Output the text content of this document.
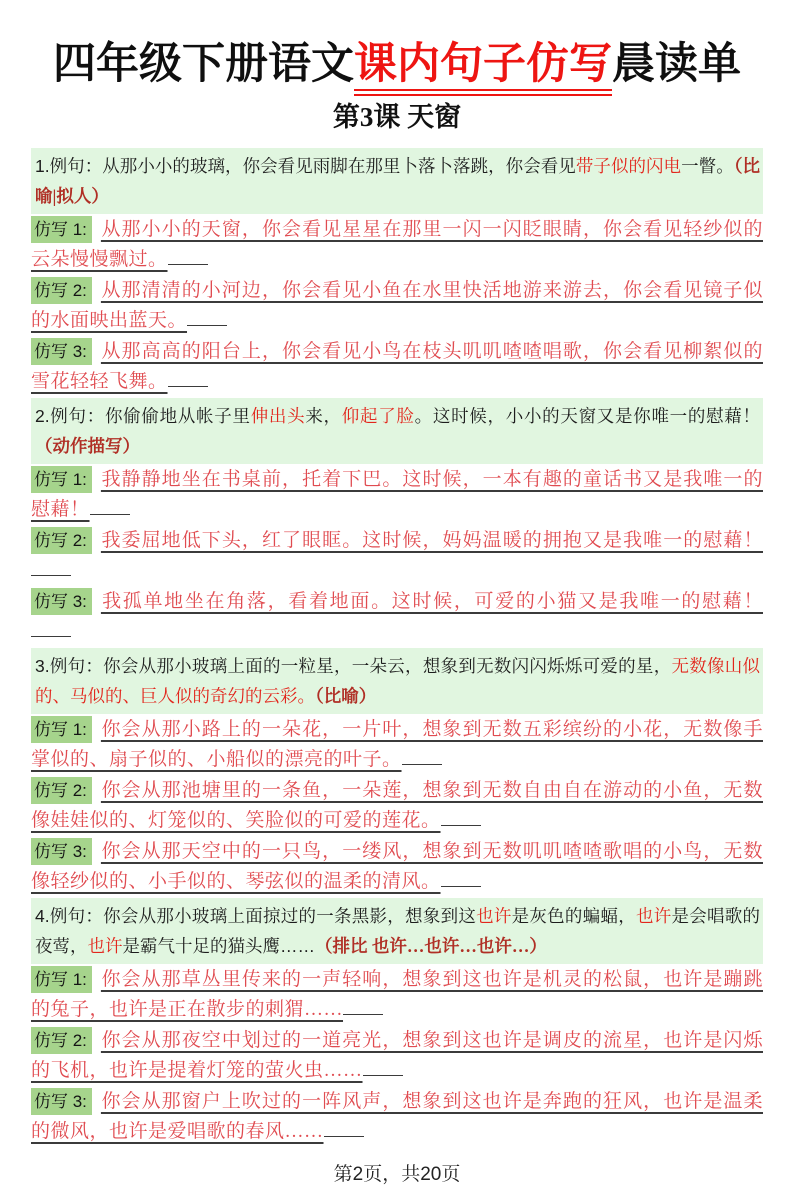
四年级下册语文课内句子仿写晨读单
第3课 天窗

1.例句：从那小小的玻璃，你会看见雨脚在那里卜落卜落跳，你会看见带子似的闪电一瞥。（比喻|拟人）

仿写 1: 从那小小的天窗，你会看见星星在那里一闪一闪眨眼睛，你会看见轻纱似的云朵慢慢飘过。

仿写 2: 从那清清的小河边，你会看见小鱼在水里快活地游来游去，你会看见镜子似的水面映出蓝天。

仿写 3: 从那高高的阳台上，你会看见小鸟在枝头叽叽喳喳唱歌，你会看见柳絮似的雪花轻轻飞舞。

2.例句：你偷偷地从帐子里伸出头来，仰起了脸。这时候，小小的天窗又是你唯一的慰藉！（动作描写）

仿写 1: 我静静地坐在书桌前，托着下巴。这时候，一本有趣的童话书又是我唯一的慰藉！

仿写 2: 我委屈地低下头，红了眼眶。这时候，妈妈温暖的拥抱又是我唯一的慰藉！

仿写 3: 我孤单地坐在角落，看着地面。这时候，可爱的小猫又是我唯一的慰藉！

3.例句：你会从那小玻璃上面的一粒星，一朵云，想象到无数闪闪烁烁可爱的星，无数像山似的、马似的、巨人似的奇幻的云彩。（比喻）

仿写 1: 你会从那小路上的一朵花，一片叶，想象到无数五彩缤纷的小花，无数像手掌似的、扇子似的、小船似的漂亮的叶子。

仿写 2: 你会从那池塘里的一条鱼，一朵莲，想象到无数自由自在游动的小鱼，无数像娃娃似的、灯笼似的、笑脸似的可爱的莲花。

仿写 3: 你会从那天空中的一只鸟，一缕风，想象到无数叽叽喳喳歌唱的小鸟，无数像轻纱似的、小手似的、琴弦似的温柔的清风。

4.例句：你会从那小玻璃上面掠过的一条黑影，想象到这也许是灰色的蝙蝠，也许是会唱歌的夜莺，也许是霸气十足的猫头鹰……（排比 也许…也许…也许…）

仿写 1: 你会从那草丛里传来的一声轻响，想象到这也许是机灵的松鼠，也许是蹦跳的兔子，也许是正在散步的刺猬……

仿写 2: 你会从那夜空中划过的一道亮光，想象到这也许是调皮的流星，也许是闪烁的飞机，也许是提着灯笼的萤火虫……

仿写 3: 你会从那窗户上吹过的一阵风声，想象到这也许是奔跑的狂风，也许是温柔的微风，也许是爱唱歌的春风……

第2页，共20页
